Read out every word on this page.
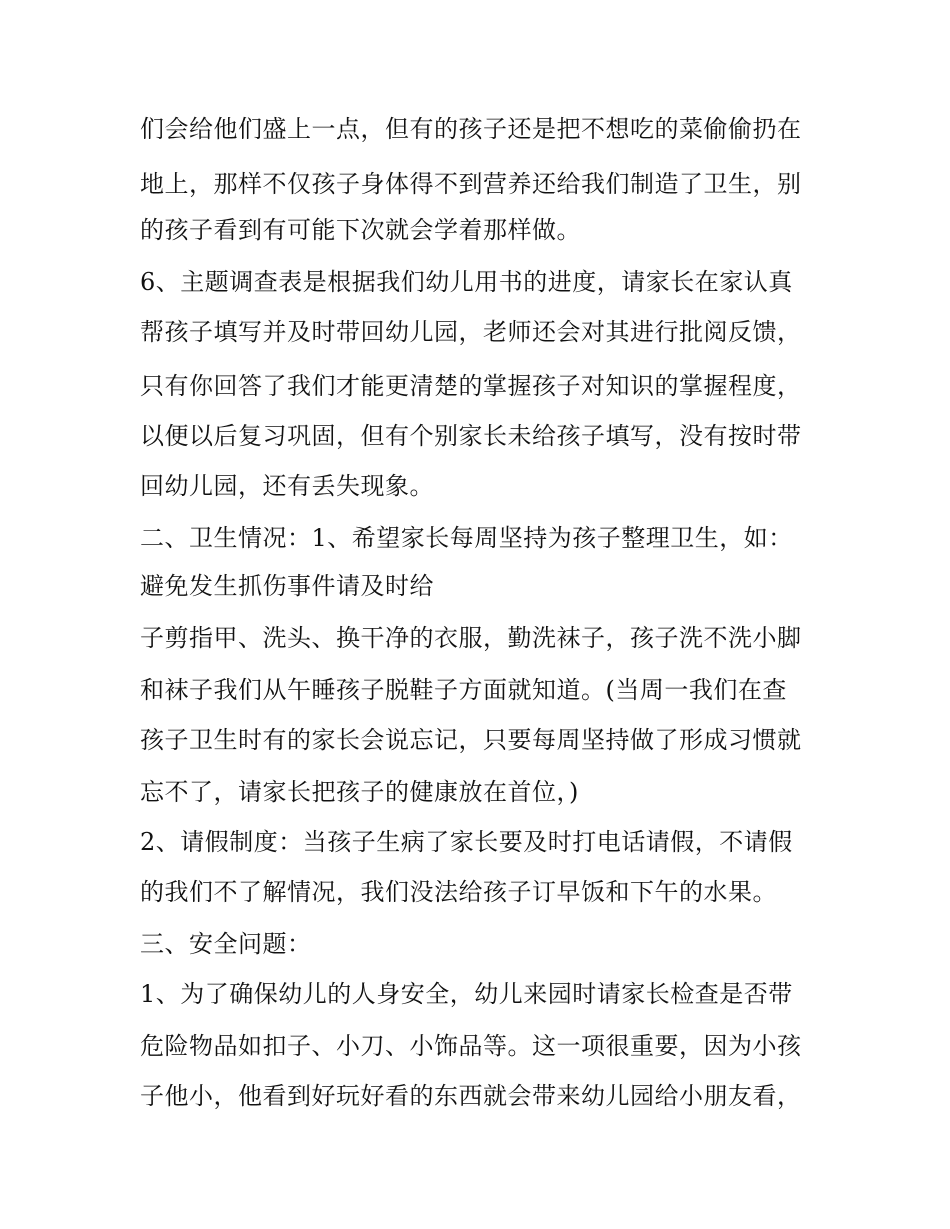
们会给他们盛上一点，但有的孩子还是把不想吃的菜偷偷扔在
地上，那样不仅孩子身体得不到营养还给我们制造了卫生，别
的孩子看到有可能下次就会学着那样做。
6、主题调查表是根据我们幼儿用书的进度，请家长在家认真
帮孩子填写并及时带回幼儿园，老师还会对其进行批阅反馈，
只有你回答了我们才能更清楚的掌握孩子对知识的掌握程度，
以便以后复习巩固，但有个别家长未给孩子填写，没有按时带
回幼儿园，还有丢失现象。
二、卫生情况：1、希望家长每周坚持为孩子整理卫生，如：
避免发生抓伤事件请及时给
子剪指甲、洗头、换干净的衣服，勤洗袜子，孩子洗不洗小脚
和袜子我们从午睡孩子脱鞋子方面就知道。(当周一我们在查
孩子卫生时有的家长会说忘记，只要每周坚持做了形成习惯就
忘不了，请家长把孩子的健康放在首位，)
2、请假制度：当孩子生病了家长要及时打电话请假，不请假
的我们不了解情况，我们没法给孩子订早饭和下午的水果。
三、安全问题：
1、为了确保幼儿的人身安全，幼儿来园时请家长检查是否带
危险物品如扣子、小刀、小饰品等。这一项很重要，因为小孩
子他小，他看到好玩好看的东西就会带来幼儿园给小朋友看，
